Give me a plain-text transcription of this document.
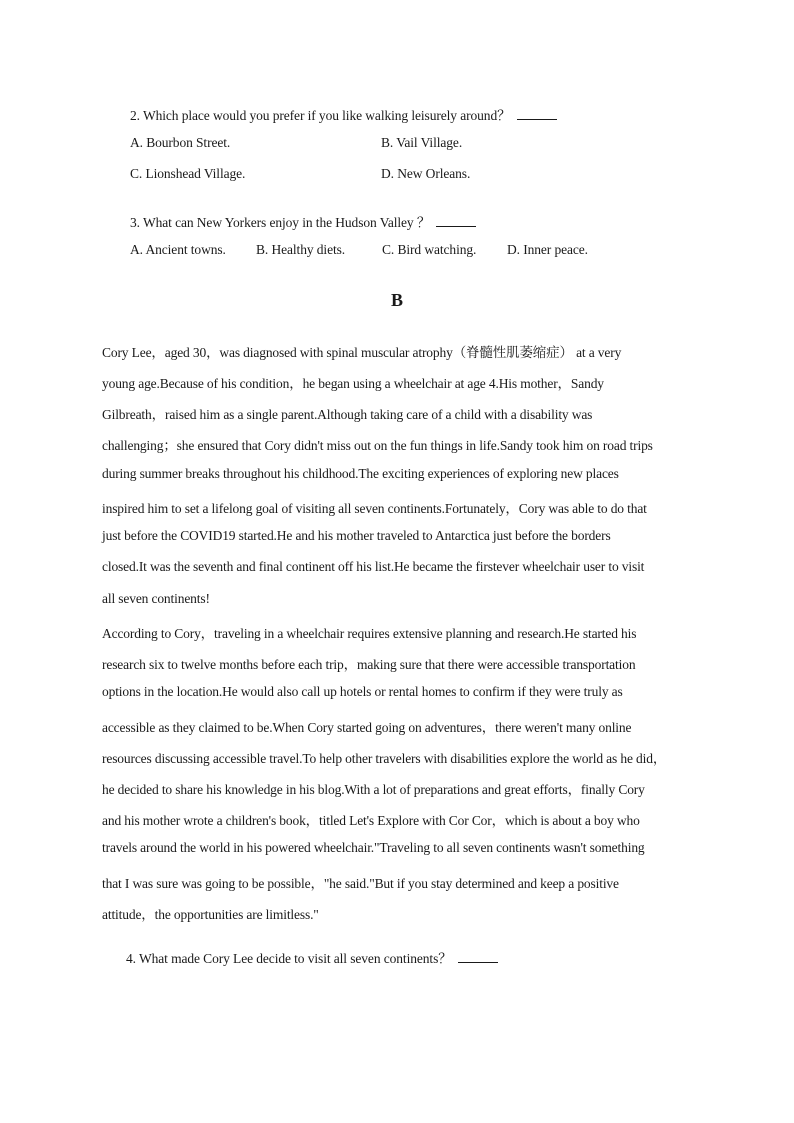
2. Which place would you prefer if you like walking leisurely around？
A. Bourbon Street.	B. Vail Village.
C. Lionshead Village.	D. New Orleans.
3. What can New Yorkers enjoy in the Hudson Valley ？
A. Ancient towns. B. Healthy diets.	C. Bird watching. D. Inner peace.
B
Cory Lee，aged 30，was diagnosed with spinal muscular atrophy（脊髓性肌萎缩症） at a very
young age.Because of his condition，he began using a wheelchair at age 4.His mother，Sandy
Gilbreath，raised him as a single parent.Although taking care of a child with a disability was
challenging；she ensured that Cory didn't miss out on the fun things in life.Sandy took him on road trips
during summer breaks throughout his childhood.The exciting experiences of exploring new places
inspired him to set a lifelong goal of visiting all seven continents.Fortunately，Cory was able to do that
just before the COVID19 started.He and his mother traveled to Antarctica just before the borders
closed.It was the seventh and final continent off his list.He became the firstever wheelchair user to visit
all seven continents!
According to Cory，traveling in a wheelchair requires extensive planning and research.He started his
research six to twelve months before each trip，making sure that there were accessible transportation
options in the location.He would also call up hotels or rental homes to confirm if they were truly as
accessible as they claimed to be.When Cory started going on adventures，there weren't many online
resources discussing accessible travel.To help other travelers with disabilities explore the world as he did，
he decided to share his knowledge in his blog.With a lot of preparations and great efforts，finally Cory
and his mother wrote a children's book，titled Let's Explore with Cor Cor，which is about a boy who
travels around the world in his powered wheelchair."Traveling to all seven continents wasn't something
that I was sure was going to be possible，"he said."But if you stay determined and keep a positive
attitude，the opportunities are limitless."
4. What made Cory Lee decide to visit all seven continents？
